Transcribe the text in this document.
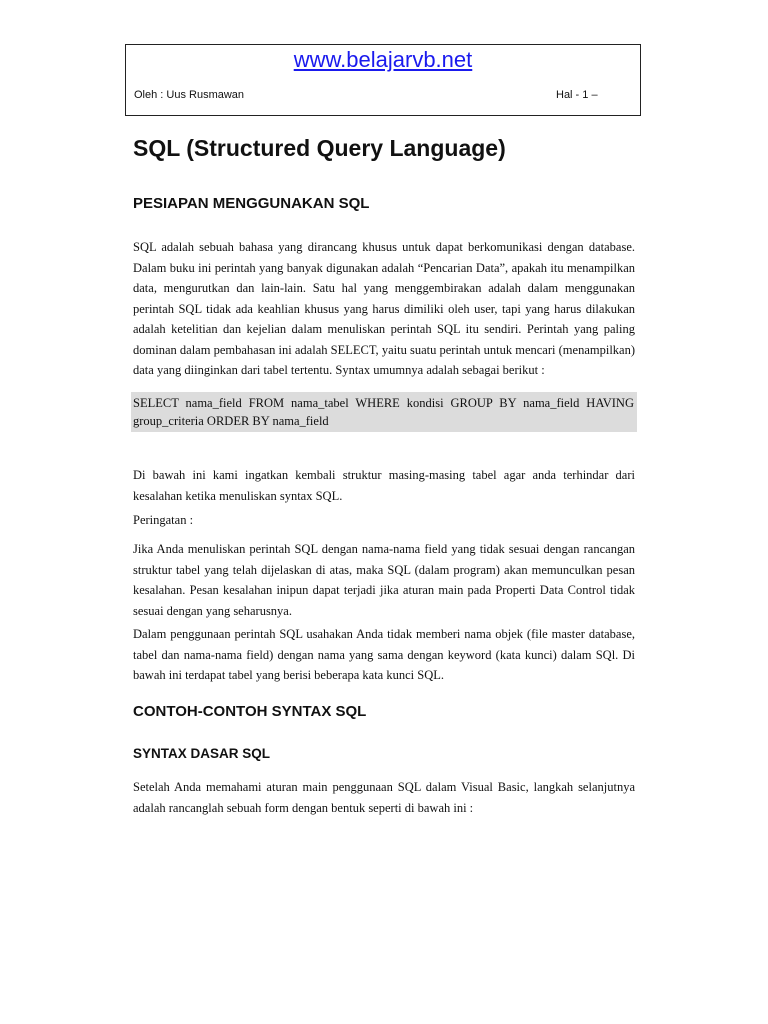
www.belajarvb.net
Oleh : Uus Rusmawan	Hal - 1 –
SQL (Structured Query Language)
PESIAPAN MENGGUNAKAN SQL

SQL adalah sebuah bahasa yang dirancang khusus untuk dapat berkomunikasi dengan database. Dalam buku ini perintah yang banyak digunakan adalah “Pencarian Data”, apakah itu menampilkan data, mengurutkan dan lain-lain. Satu hal yang menggembirakan adalah dalam menggunakan perintah SQL tidak ada keahlian khusus yang harus dimiliki oleh user, tapi yang harus dilakukan adalah ketelitian dan kejelian dalam menuliskan perintah SQL itu sendiri. Perintah yang paling dominan dalam pembahasan ini adalah SELECT, yaitu suatu perintah untuk mencari (menampilkan) data yang diinginkan dari tabel tertentu. Syntax umumnya adalah sebagai berikut :

SELECT nama_field FROM nama_tabel WHERE kondisi GROUP BY nama_field HAVING group_criteria ORDER BY nama_field

Di bawah ini kami ingatkan kembali struktur masing-masing tabel agar anda terhindar dari kesalahan ketika menuliskan syntax SQL.

Peringatan :

Jika Anda menuliskan perintah SQL dengan nama-nama field yang tidak sesuai dengan rancangan struktur tabel yang telah dijelaskan di atas, maka SQL (dalam program) akan memunculkan pesan kesalahan. Pesan kesalahan inipun dapat terjadi jika aturan main pada Properti Data Control tidak sesuai dengan yang seharusnya.

Dalam penggunaan perintah SQL usahakan Anda tidak memberi nama objek (file master database, tabel dan nama-nama field) dengan nama yang sama dengan keyword (kata kunci) dalam SQl. Di bawah ini terdapat tabel yang berisi beberapa kata kunci SQL.

CONTOH-CONTOH SYNTAX SQL
SYNTAX DASAR SQL

Setelah Anda memahami aturan main penggunaan SQL dalam Visual Basic, langkah selanjutnya adalah rancanglah sebuah form dengan bentuk seperti di bawah ini :
